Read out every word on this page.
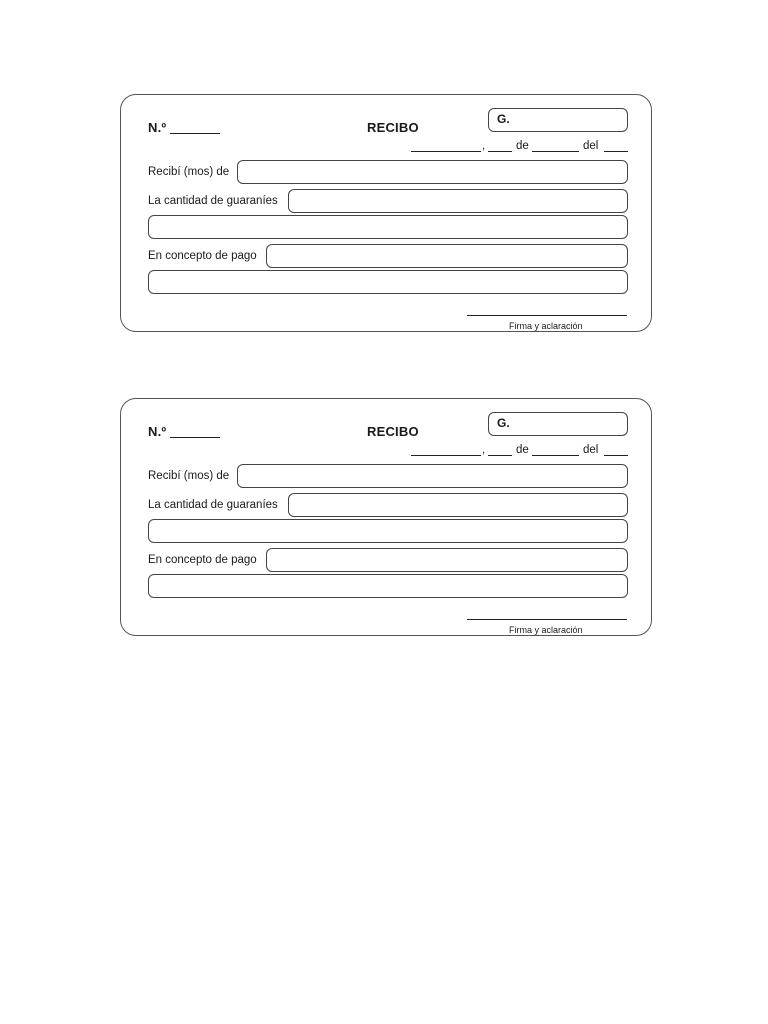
N.º	RECIBO
G.
,	de	del
Recibí (mos) de
La cantidad de guaraníes
En concepto de pago
Firma y aclaración
N.º	RECIBO
G.
,	de	del
Recibí (mos) de
La cantidad de guaraníes
En concepto de pago
Firma y aclaración
